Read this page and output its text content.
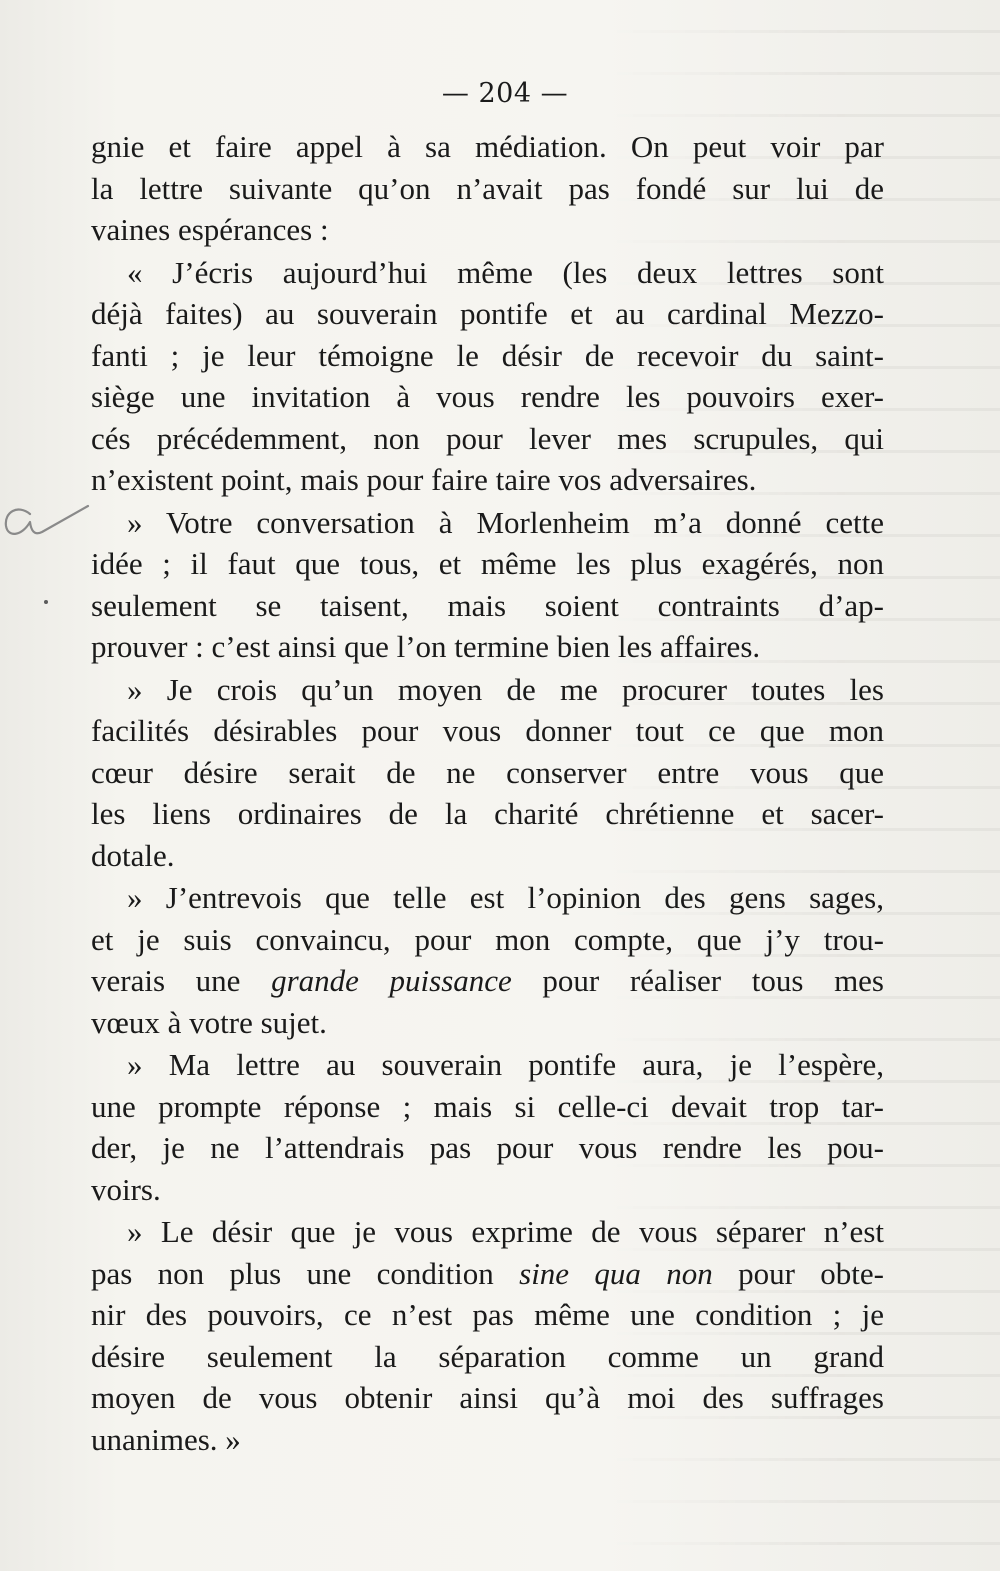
— 204 —
gnie et faire appel à sa médiation. On peut voir par
la lettre suivante qu’on n’avait pas fondé sur lui de
vaines espérances :
« J’écris aujourd’hui même (les deux lettres sont
déjà faites) au souverain pontife et au cardinal Mezzo-
fanti ; je leur témoigne le désir de recevoir du saint-
siège une invitation à vous rendre les pouvoirs exer-
cés précédemment, non pour lever mes scrupules, qui
n’existent point, mais pour faire taire vos adversaires.
» Votre conversation à Morlenheim m’a donné cette
idée ; il faut que tous, et même les plus exagérés, non
seulement se taisent, mais soient contraints d’ap-
prouver : c’est ainsi que l’on termine bien les affaires.
» Je crois qu’un moyen de me procurer toutes les
facilités désirables pour vous donner tout ce que mon
cœur désire serait de ne conserver entre vous que
les liens ordinaires de la charité chrétienne et sacer-
dotale.
» J’entrevois que telle est l’opinion des gens sages,
et je suis convaincu, pour mon compte, que j’y trou-
verais une grande puissance pour réaliser tous mes
vœux à votre sujet.
» Ma lettre au souverain pontife aura, je l’espère,
une prompte réponse ; mais si celle-ci devait trop tar-
der, je ne l’attendrais pas pour vous rendre les pou-
voirs.
» Le désir que je vous exprime de vous séparer n’est
pas non plus une condition sine qua non pour obte-
nir des pouvoirs, ce n’est pas même une condition ; je
désire seulement la séparation comme un grand
moyen de vous obtenir ainsi qu’à moi des suffrages
unanimes. »
